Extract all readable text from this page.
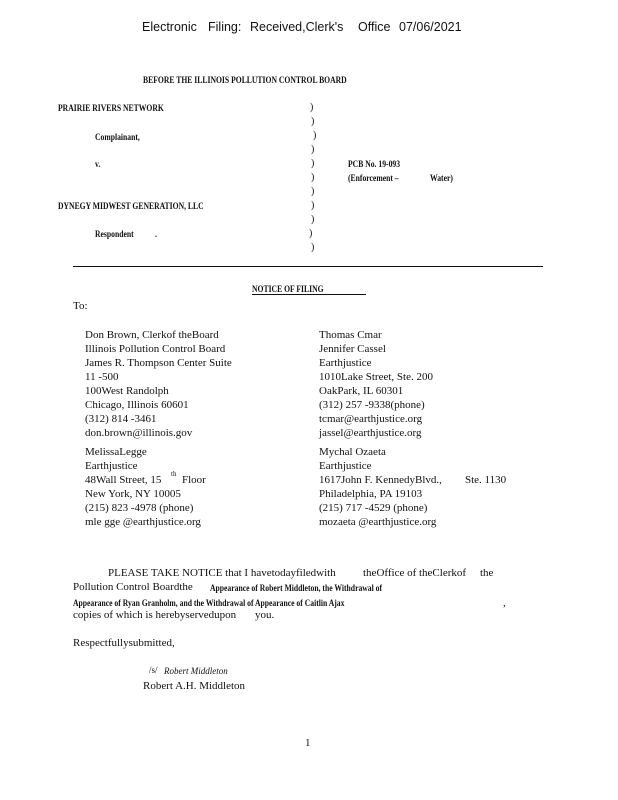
Electronic Filing: Received,Clerk's Office 07/06/2021
BEFORE THE ILLINOIS POLLUTION CONTROL BOARD
PRAIRIE RIVERS NETWORK
Complainant,
v.
DYNEGY MIDWEST GENERATION, LLC
Respondent .
PCB No. 19-093
(Enforcement –	Water)
)
)
)
)
)
)
)
)
)
)
)
NOTICE OF FILING
To:
Don Brown, Clerkof theBoard
Illinois Pollution Control Board
James R. Thompson Center Suite
11 -500
100West Randolph
Chicago, Illinois 60601
(312) 814 -3461
don.brown@illinois.gov
Thomas Cmar
Jennifer Cassel
Earthjustice
1010Lake Street, Ste. 200
OakPark, IL 60301
(312) 257 -9338(phone)
tcmar@earthjustice.org
jassel@earthjustice.org
MelissaLegge
Earthjustice
48Wall Street, 15 th Floor
New York, NY 10005
(215) 823 -4978 (phone)
mle gge @earthjustice.org
Mychal Ozaeta
Earthjustice
1617John F. KennedyBlvd., Ste. 1130
Philadelphia, PA 19103
(215) 717 -4529 (phone)
mozaeta @earthjustice.org
PLEASE TAKE NOTICE that I havetodayfiledwith theOffice of theClerkof the
Pollution Control Boardthe Appearance of Robert Middleton, the Withdrawal of
Appearance of Ryan Granholm, and the Withdrawal of Appearance of Caitlin Ajax	,
copies of which is herebyservedupon you.
Respectfullysubmitted,
/s/ Robert Middleton
Robert A.H. Middleton
1
